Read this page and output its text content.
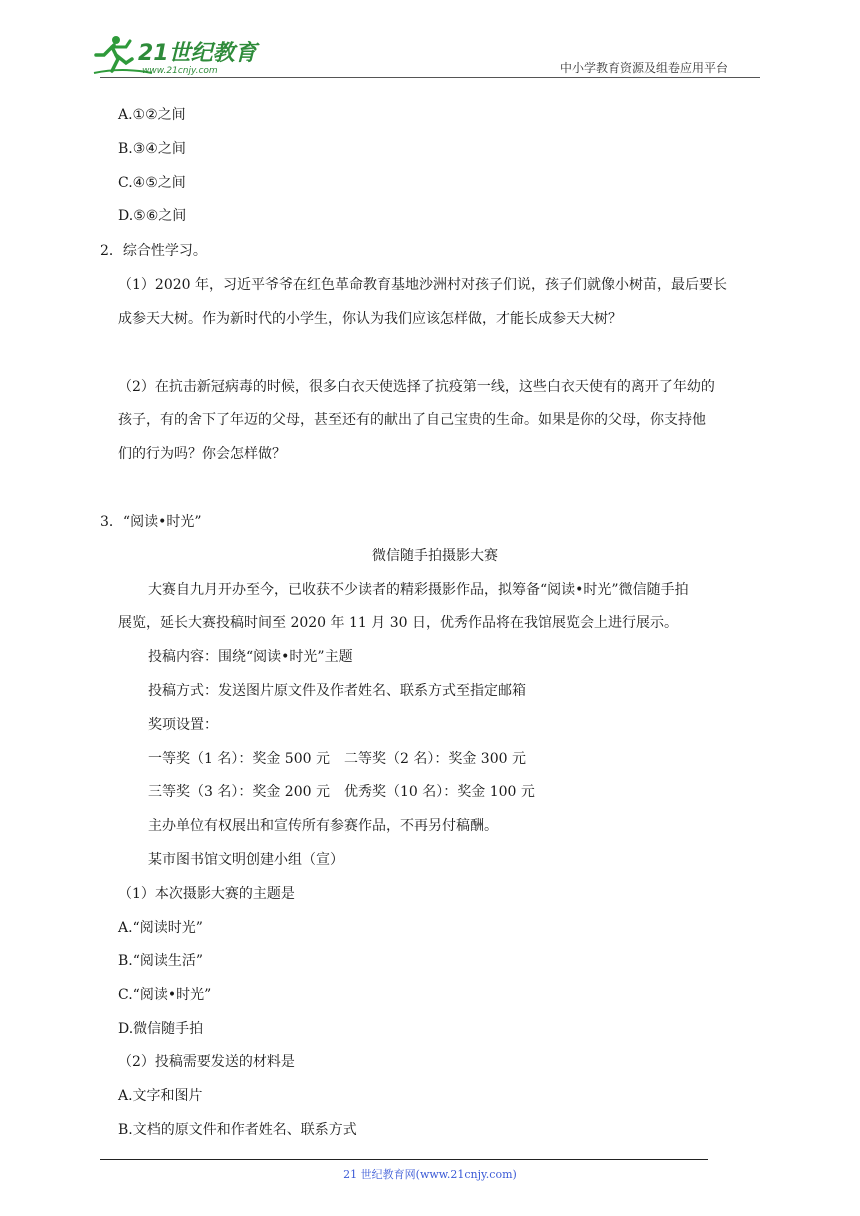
21世纪教育
www.21cnjy.com	中小学教育资源及组卷应用平台
A.①②之间
B.③④之间
C.④⑤之间
D.⑤⑥之间
2．综合性学习。
（1）2020 年，习近平爷爷在红色革命教育基地沙洲村对孩子们说，孩子们就像小树苗，最后要长
成参天大树。作为新时代的小学生，你认为我们应该怎样做，才能长成参天大树？
（2）在抗击新冠病毒的时候，很多白衣天使选择了抗疫第一线，这些白衣天使有的离开了年幼的
孩子，有的舍下了年迈的父母，甚至还有的献出了自己宝贵的生命。如果是你的父母，你支持他
们的行为吗？你会怎样做？
3．“阅读•时光”
微信随手拍摄影大赛
大赛自九月开办至今，已收获不少读者的精彩摄影作品，拟筹备“阅读•时光”微信随手拍
展览，延长大赛投稿时间至 2020 年 11 月 30 日，优秀作品将在我馆展览会上进行展示。
投稿内容：围绕“阅读•时光”主题
投稿方式：发送图片原文件及作者姓名、联系方式至指定邮箱
奖项设置：
一等奖（1 名）：奖金 500 元　二等奖（2 名）：奖金 300 元
三等奖（3 名）：奖金 200 元　优秀奖（10 名）：奖金 100 元
主办单位有权展出和宣传所有参赛作品，不再另付稿酬。
某市图书馆文明创建小组（宣）
（1）本次摄影大赛的主题是
A.“阅读时光”
B.“阅读生活”
C.“阅读•时光”
D.微信随手拍
（2）投稿需要发送的材料是
A.文字和图片
B.文档的原文件和作者姓名、联系方式
21 世纪教育网(www.21cnjy.com)
